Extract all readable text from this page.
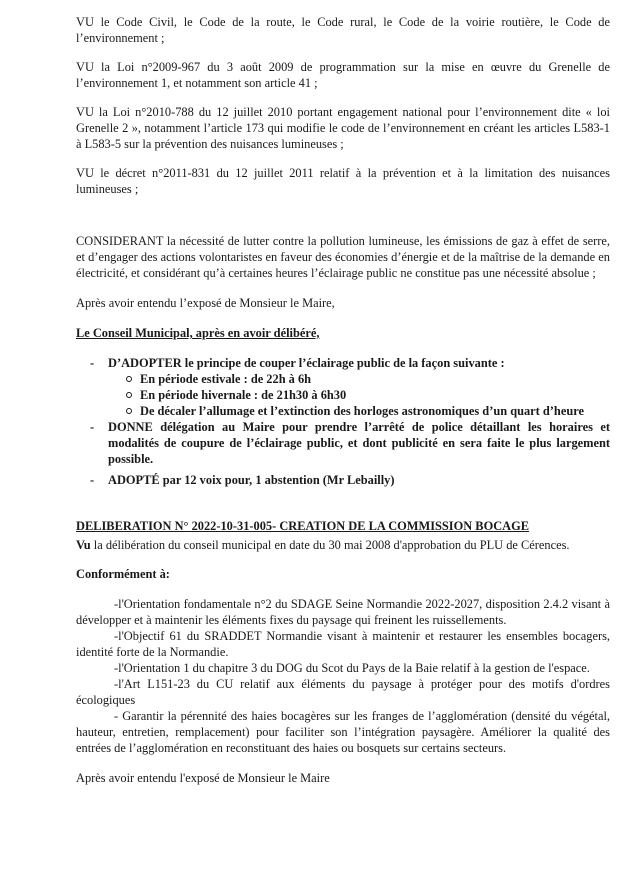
VU le Code Civil, le Code de la route, le Code rural, le Code de la voirie routière, le Code de l’environnement ;

VU la Loi n°2009-967 du 3 août 2009 de programmation sur la mise en œuvre du Grenelle de l’environnement 1, et notamment son article 41 ;

VU la Loi n°2010-788 du 12 juillet 2010 portant engagement national pour l’environnement dite « loi Grenelle 2 », notamment l’article 173 qui modifie le code de l’environnement en créant les articles L583-1 à L583-5 sur la prévention des nuisances lumineuses ;

VU le décret n°2011-831 du 12 juillet 2011 relatif à la prévention et à la limitation des nuisances lumineuses ;

CONSIDERANT la nécessité de lutter contre la pollution lumineuse, les émissions de gaz à effet de serre, et d’engager des actions volontaristes en faveur des économies d’énergie et de la maîtrise de la demande en électricité, et considérant qu’à certaines heures l’éclairage public ne constitue pas une nécessité absolue ;

Après avoir entendu l’exposé de Monsieur le Maire,

Le Conseil Municipal, après en avoir délibéré,

- D’ADOPTER le principe de couper l’éclairage public de la façon suivante :
En période estivale : de 22h à 6h
En période hivernale : de 21h30 à 6h30
De décaler l’allumage et l’extinction des horloges astronomiques d’un quart d’heure
- DONNE délégation au Maire pour prendre l’arrêté de police détaillant les horaires et modalités de coupure de l’éclairage public, et dont publicité en sera faite le plus largement possible.
- ADOPTÉ par 12 voix pour, 1 abstention (Mr Lebailly)

DELIBERATION N° 2022-10-31-005- CREATION DE LA COMMISSION BOCAGE

Vu la délibération du conseil municipal en date du 30 mai 2008 d'approbation du PLU de Cérences.

Conformément à:

-l'Orientation fondamentale n°2 du SDAGE Seine Normandie 2022-2027, disposition 2.4.2 visant à développer et à maintenir les éléments fixes du paysage qui freinent les ruissellements.

-l'Objectif 61 du SRADDET Normandie visant à maintenir et restaurer les ensembles bocagers, identité forte de la Normandie.

-l'Orientation 1 du chapitre 3 du DOG du Scot du Pays de la Baie relatif à la gestion de l'espace.

-l'Art L151-23 du CU relatif aux éléments du paysage à protéger pour des motifs d'ordres écologiques

- Garantir la pérennité des haies bocagères sur les franges de l’agglomération (densité du végétal, hauteur, entretien, remplacement) pour faciliter son l’intégration paysagère. Améliorer la qualité des entrées de l’agglomération en reconstituant des haies ou bosquets sur certains secteurs.

Après avoir entendu l'exposé de Monsieur le Maire
